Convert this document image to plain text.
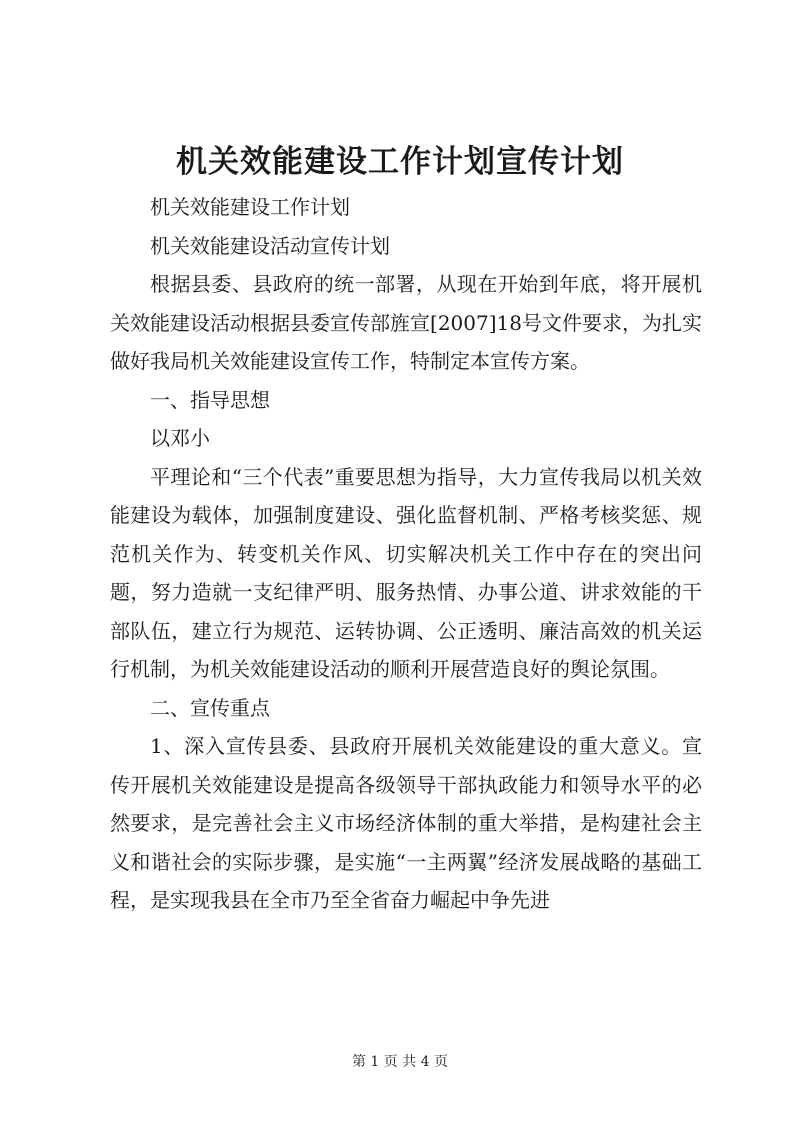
机关效能建设工作计划宣传计划

机关效能建设工作计划

机关效能建设活动宣传计划

根据县委、县政府的统一部署，从现在开始到年底，将开展机关效能建设活动根据县委宣传部旌宣[2007]18号文件要求，为扎实做好我局机关效能建设宣传工作，特制定本宣传方案。

一、指导思想

以邓小

平理论和“三个代表”重要思想为指导，大力宣传我局以机关效能建设为载体，加强制度建设、强化监督机制、严格考核奖惩、规范机关作为、转变机关作风、切实解决机关工作中存在的突出问题，努力造就一支纪律严明、服务热情、办事公道、讲求效能的干部队伍，建立行为规范、运转协调、公正透明、廉洁高效的机关运行机制，为机关效能建设活动的顺利开展营造良好的舆论氛围。

二、宣传重点

1、深入宣传县委、县政府开展机关效能建设的重大意义。宣传开展机关效能建设是提高各级领导干部执政能力和领导水平的必然要求，是完善社会主义市场经济体制的重大举措，是构建社会主义和谐社会的实际步骤，是实施“一主两翼”经济发展战略的基础工程，是实现我县在全市乃至全省奋力崛起中争先进

第 1 页 共 4 页
